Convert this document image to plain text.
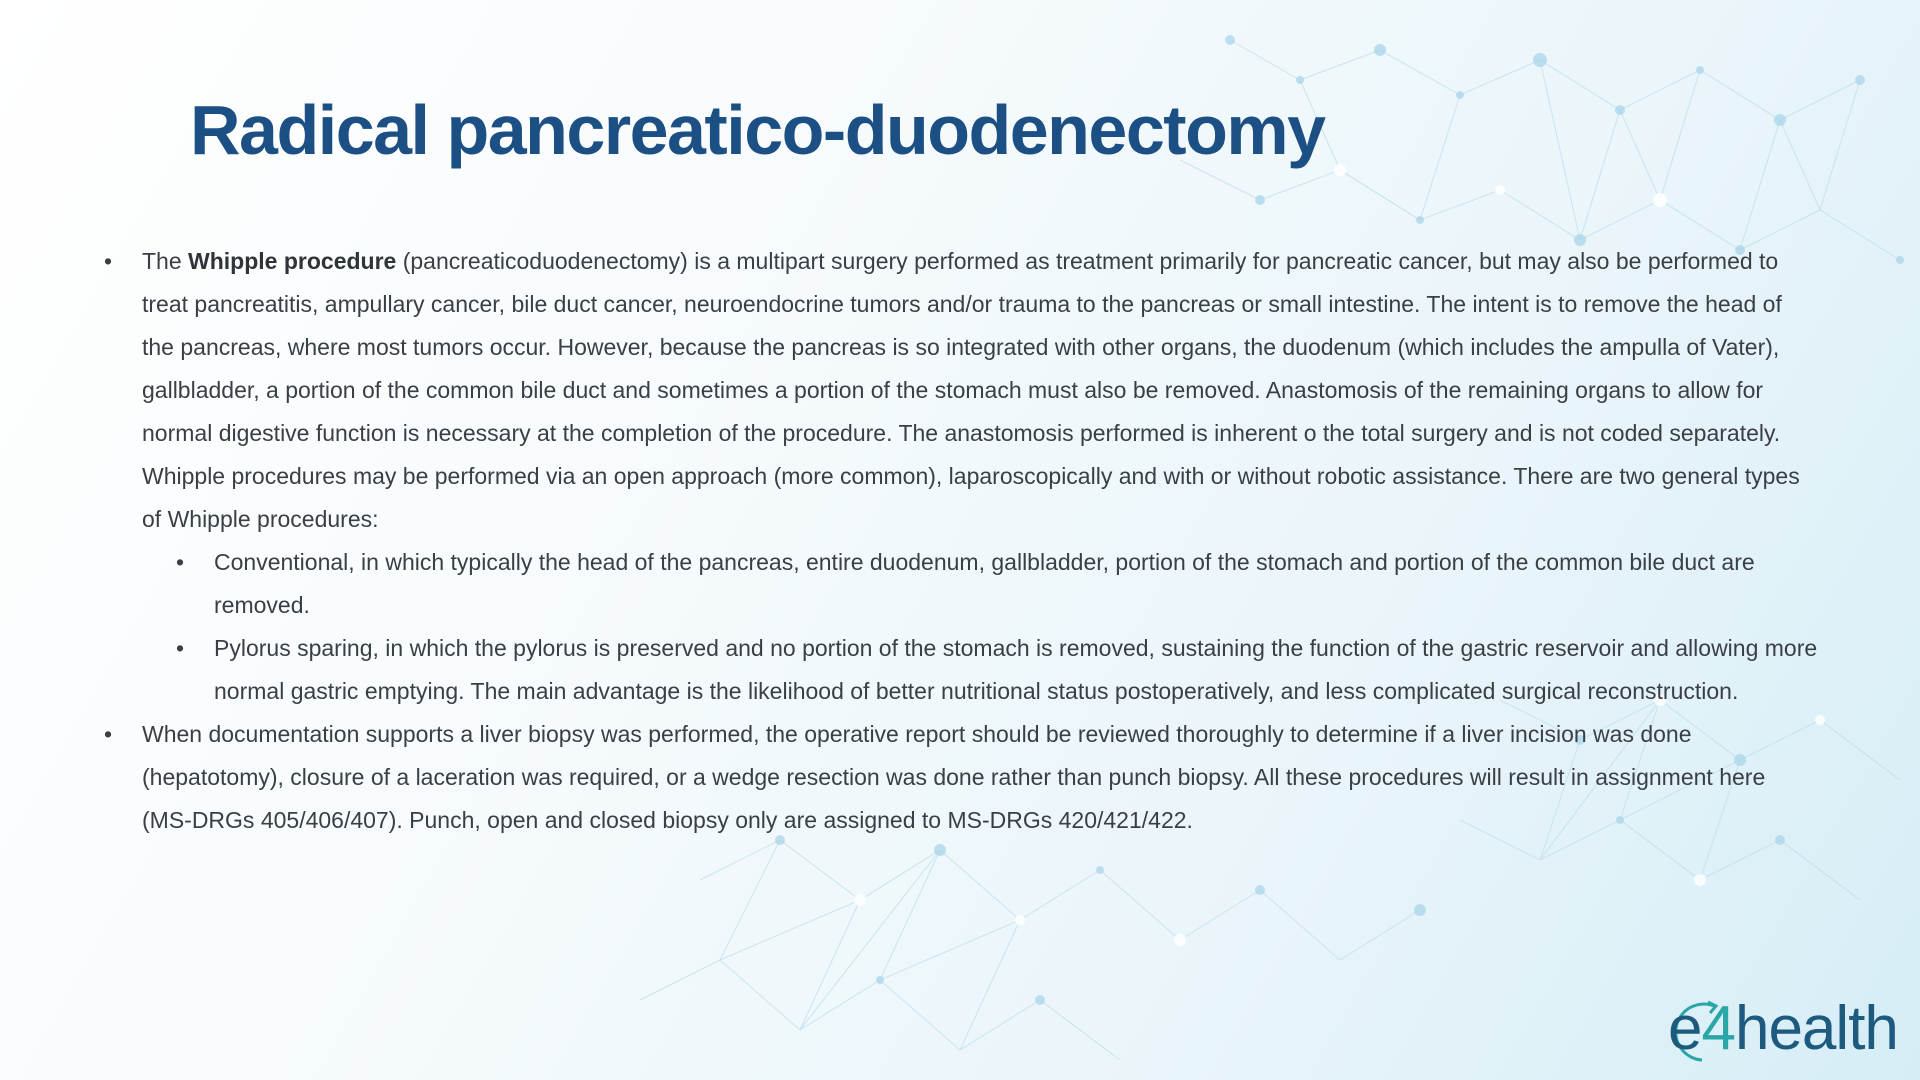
Radical pancreatico-duodenectomy

• The Whipple procedure (pancreaticoduodenectomy) is a multipart surgery performed as treatment primarily for pancreatic cancer, but may also be performed to treat pancreatitis, ampullary cancer, bile duct cancer, neuroendocrine tumors and/or trauma to the pancreas or small intestine. The intent is to remove the head of the pancreas, where most tumors occur. However, because the pancreas is so integrated with other organs, the duodenum (which includes the ampulla of Vater), gallbladder, a portion of the common bile duct and sometimes a portion of the stomach must also be removed. Anastomosis of the remaining organs to allow for normal digestive function is necessary at the completion of the procedure. The anastomosis performed is inherent o the total surgery and is not coded separately. Whipple procedures may be performed via an open approach (more common), laparoscopically and with or without robotic assistance. There are two general types of Whipple procedures:

• Conventional, in which typically the head of the pancreas, entire duodenum, gallbladder, portion of the stomach and portion of the common bile duct are removed.

• Pylorus sparing, in which the pylorus is preserved and no portion of the stomach is removed, sustaining the function of the gastric reservoir and allowing more normal gastric emptying. The main advantage is the likelihood of better nutritional status postoperatively, and less complicated surgical reconstruction.

• When documentation supports a liver biopsy was performed, the operative report should be reviewed thoroughly to determine if a liver incision was done (hepatotomy), closure of a laceration was required, or a wedge resection was done rather than punch biopsy. All these procedures will result in assignment here (MS-DRGs 405/406/407). Punch, open and closed biopsy only are assigned to MS-DRGs 420/421/422.

e4health
